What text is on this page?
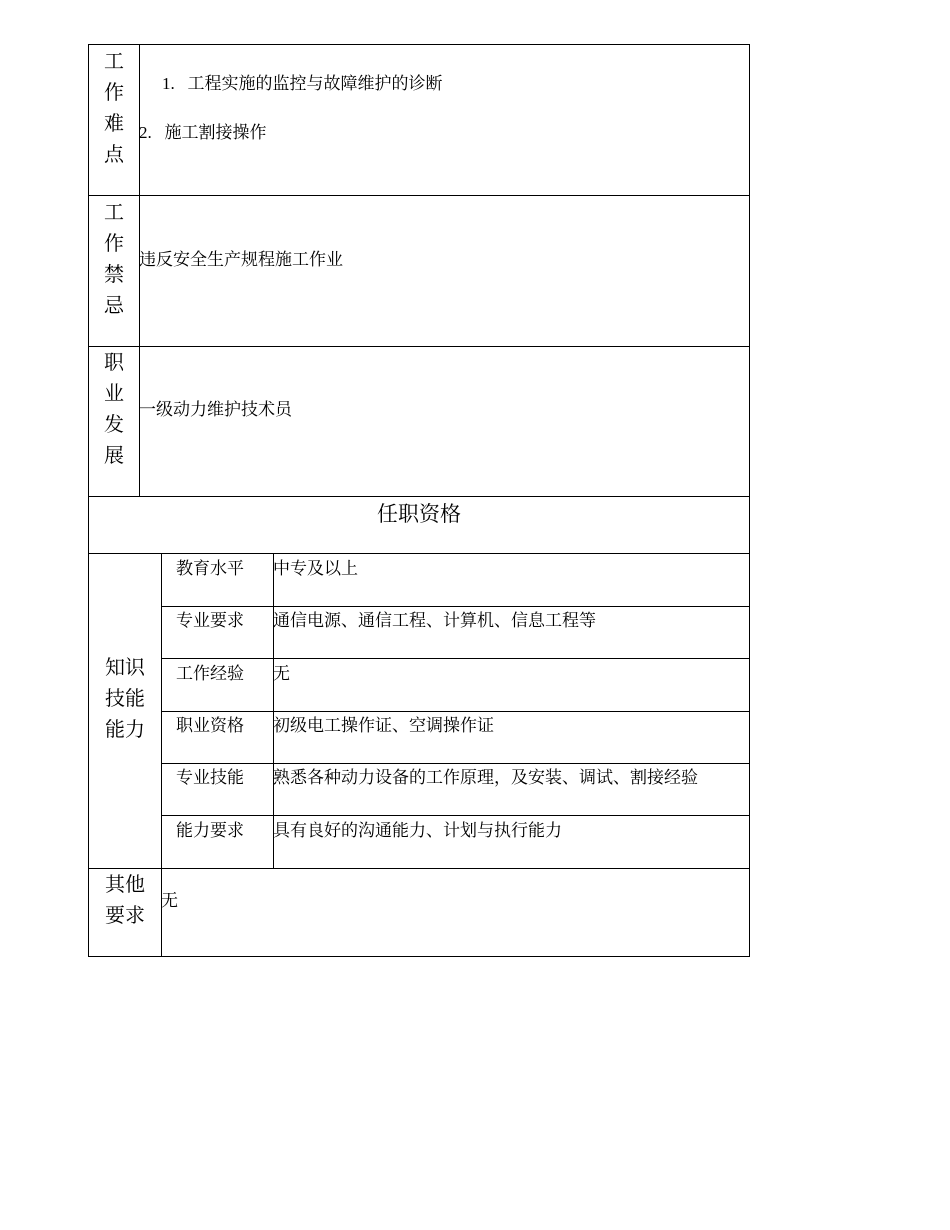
工
作
难
点
1. 工程实施的监控与故障维护的诊断
2. 施工割接操作
工
作
禁
忌
违反安全生产规程施工作业
职
业
发
展
一级动力维护技术员
任职资格
知识
技能
能力
教育水平 中专及以上
专业要求 通信电源、通信工程、计算机、信息工程等
工作经验 无
职业资格 初级电工操作证、空调操作证
专业技能 熟悉各种动力设备的工作原理，及安装、调试、割接经验
能力要求 具有良好的沟通能力、计划与执行能力
其他
要求
无
